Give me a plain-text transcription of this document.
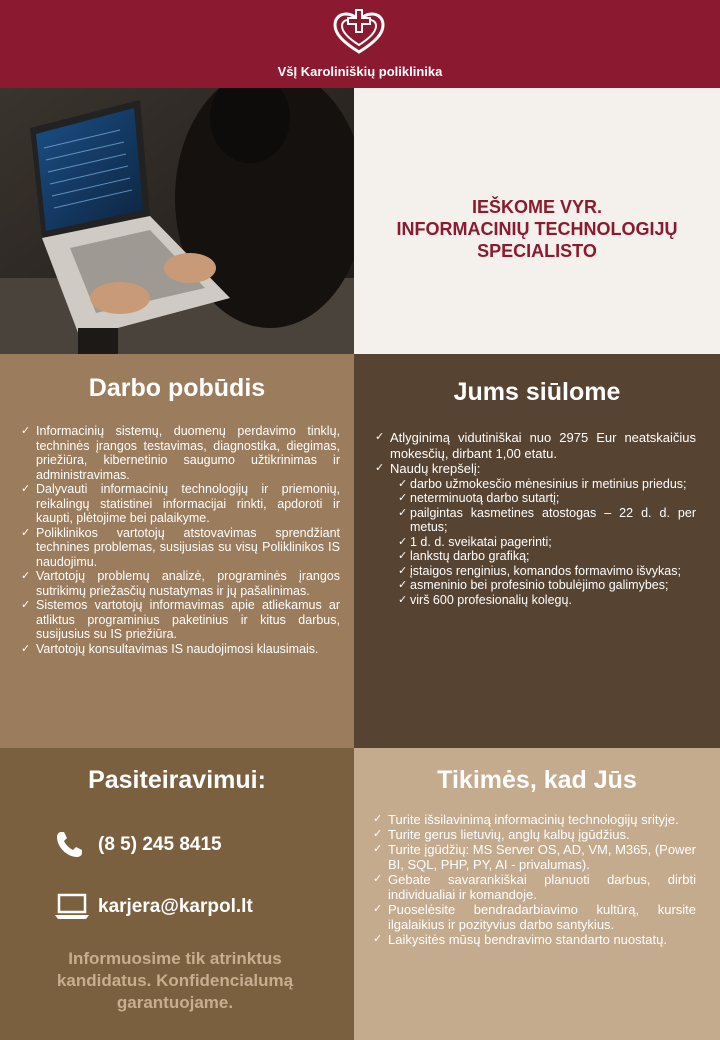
VšĮ Karoliniškių poliklinika
IEŠKOME VYR.
INFORMACINIŲ TECHNOLOGIJŲ
SPECIALISTO
Darbo pobūdis
✓ Informacinių sistemų, duomenų perdavimo tinklų, techninės įrangos testavimas, diagnostika, diegimas, priežiūra, kibernetinio saugumo užtikrinimas ir administravimas.
✓ Dalyvauti informacinių technologijų ir priemonių, reikalingų statistinei informacijai rinkti, apdoroti ir kaupti, plėtojime bei palaikyme.
✓ Poliklinikos vartotojų atstovavimas sprendžiant technines problemas, susijusias su visų Poliklinikos IS naudojimu.
✓ Vartotojų problemų analizė, programinės įrangos sutrikimų priežasčių nustatymas ir jų pašalinimas.
✓ Sistemos vartotojų informavimas apie atliekamus ar atliktus programinius paketinius ir kitus darbus, susijusius su IS priežiūra.
✓ Vartotojų konsultavimas IS naudojimosi klausimais.
Jums siūlome
✓ Atlyginimą vidutiniškai nuo 2975 Eur neatskaičius mokesčių, dirbant 1,00 etatu.
✓ Naudų krepšelį:
✓ darbo užmokesčio mėnesinius ir metinius priedus;
✓ neterminuotą darbo sutartį;
✓ pailgintas kasmetines atostogas – 22 d. d. per metus;
✓ 1 d. d. sveikatai pagerinti;
✓ lankstų darbo grafiką;
✓ įstaigos renginius, komandos formavimo išvykas;
✓ asmeninio bei profesinio tobulėjimo galimybes;
✓ virš 600 profesionalių kolegų.
Pasiteiravimui:
(8 5) 245 8415
karjera@karpol.lt
Informuosime tik atrinktus
kandidatus. Konfidencialumą
garantuojame.
Tikimės, kad Jūs
✓ Turite išsilavinimą informacinių technologijų srityje.
✓ Turite gerus lietuvių, anglų kalbų įgūdžius.
✓ Turite įgūdžių: MS Server OS, AD, VM, M365, (Power BI, SQL, PHP, PY, AI - privalumas).
✓ Gebate savarankiškai planuoti darbus, dirbti individualiai ir komandoje.
✓ Puoselėsite bendradarbiavimo kultūrą, kursite ilgalaikius ir pozityvius darbo santykius.
✓ Laikysitės mūsų bendravimo standarto nuostatų.
